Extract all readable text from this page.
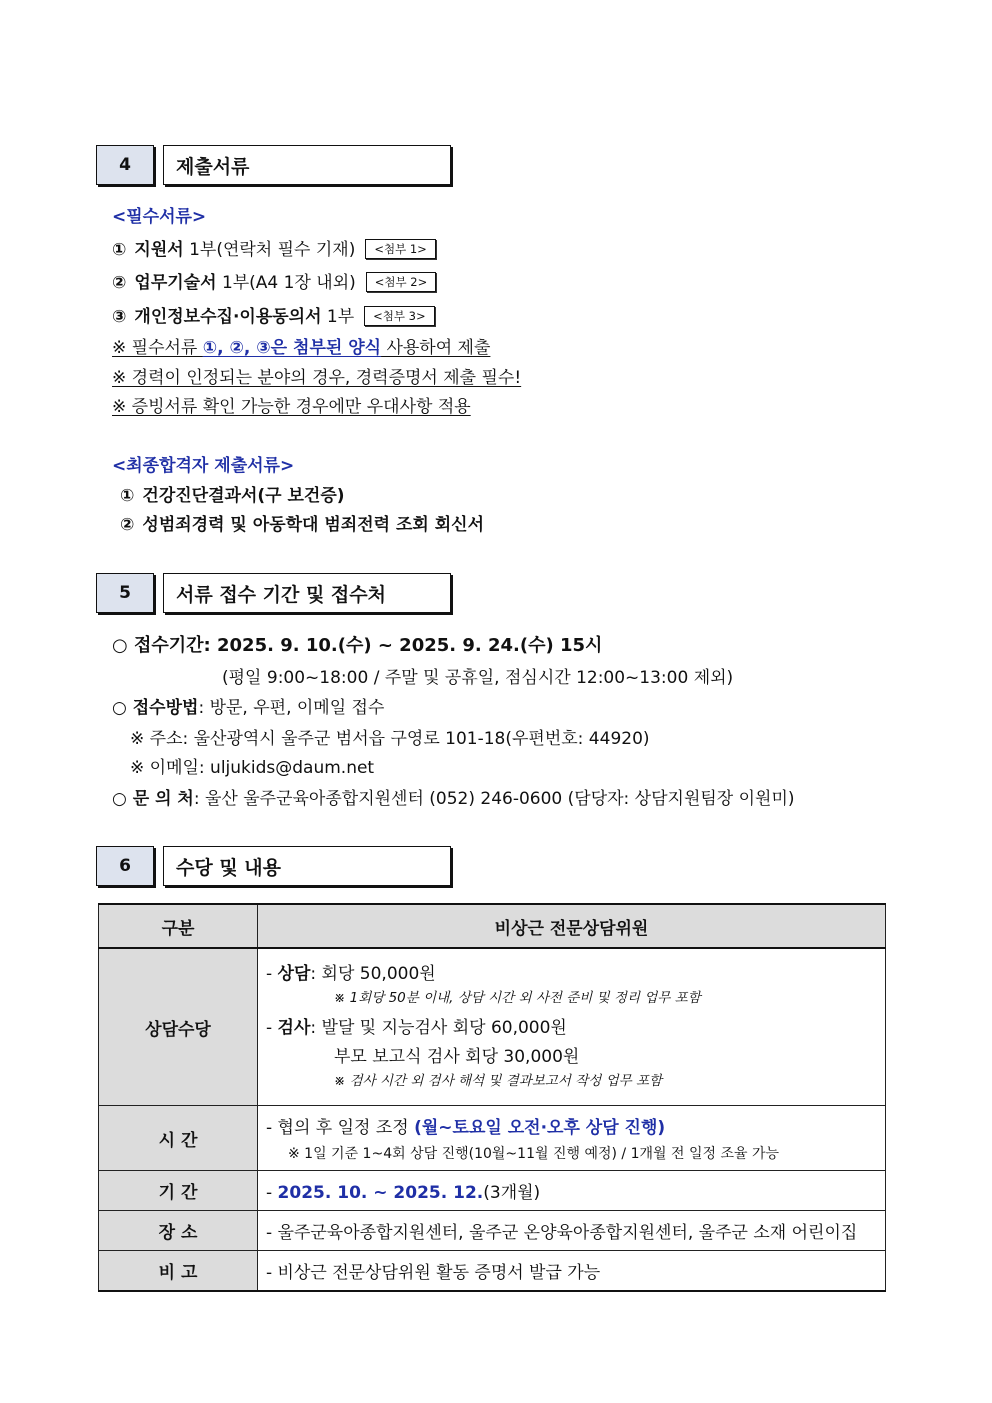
4	제출서류
<필수서류>
① 지원서 1부(연락처 필수 기재) <첨부 1>
② 업무기술서 1부(A4 1장 내외) <첨부 2>
③ 개인정보수집·이용동의서 1부 <첨부 3>
※ 필수서류 ①, ②, ③은 첨부된 양식 사용하여 제출
※ 경력이 인정되는 분야의 경우, 경력증명서 제출 필수!
※ 증빙서류 확인 가능한 경우에만 우대사항 적용
<최종합격자 제출서류>
① 건강진단결과서(구 보건증)
② 성범죄경력 및 아동학대 범죄전력 조회 회신서
5	서류 접수 기간 및 접수처
○ 접수기간: 2025. 9. 10.(수) ~ 2025. 9. 24.(수) 15시
(평일 9:00~18:00 / 주말 및 공휴일, 점심시간 12:00~13:00 제외)
○ 접수방법: 방문, 우편, 이메일 접수
※ 주소: 울산광역시 울주군 범서읍 구영로 101-18(우편번호: 44920)
※ 이메일: uljukids@daum.net
○ 문 의 처: 울산 울주군육아종합지원센터 (052) 246-0600 (담당자: 상담지원팀장 이원미)
6	수당 및 내용
구분	비상근 전문상담위원
상담수당	- 상담: 회당 50,000원
※ 1회당 50분 이내, 상담 시간 외 사전 준비 및 정리 업무 포함
- 검사: 발달 및 지능검사 회당 60,000원
부모 보고식 검사 회당 30,000원
※ 검사 시간 외 검사 해석 및 결과보고서 작성 업무 포함

시 간	- 협의 후 일정 조정 (월~토요일 오전·오후 상담 진행)
※ 1일 기준 1~4회 상담 진행(10월~11월 진행 예정) / 1개월 전 일정 조율 가능

기 간	- 2025. 10. ~ 2025. 12.(3개월)
장 소	- 울주군육아종합지원센터, 울주군 온양육아종합지원센터, 울주군 소재 어린이집
비 고	- 비상근 전문상담위원 활동 증명서 발급 가능
